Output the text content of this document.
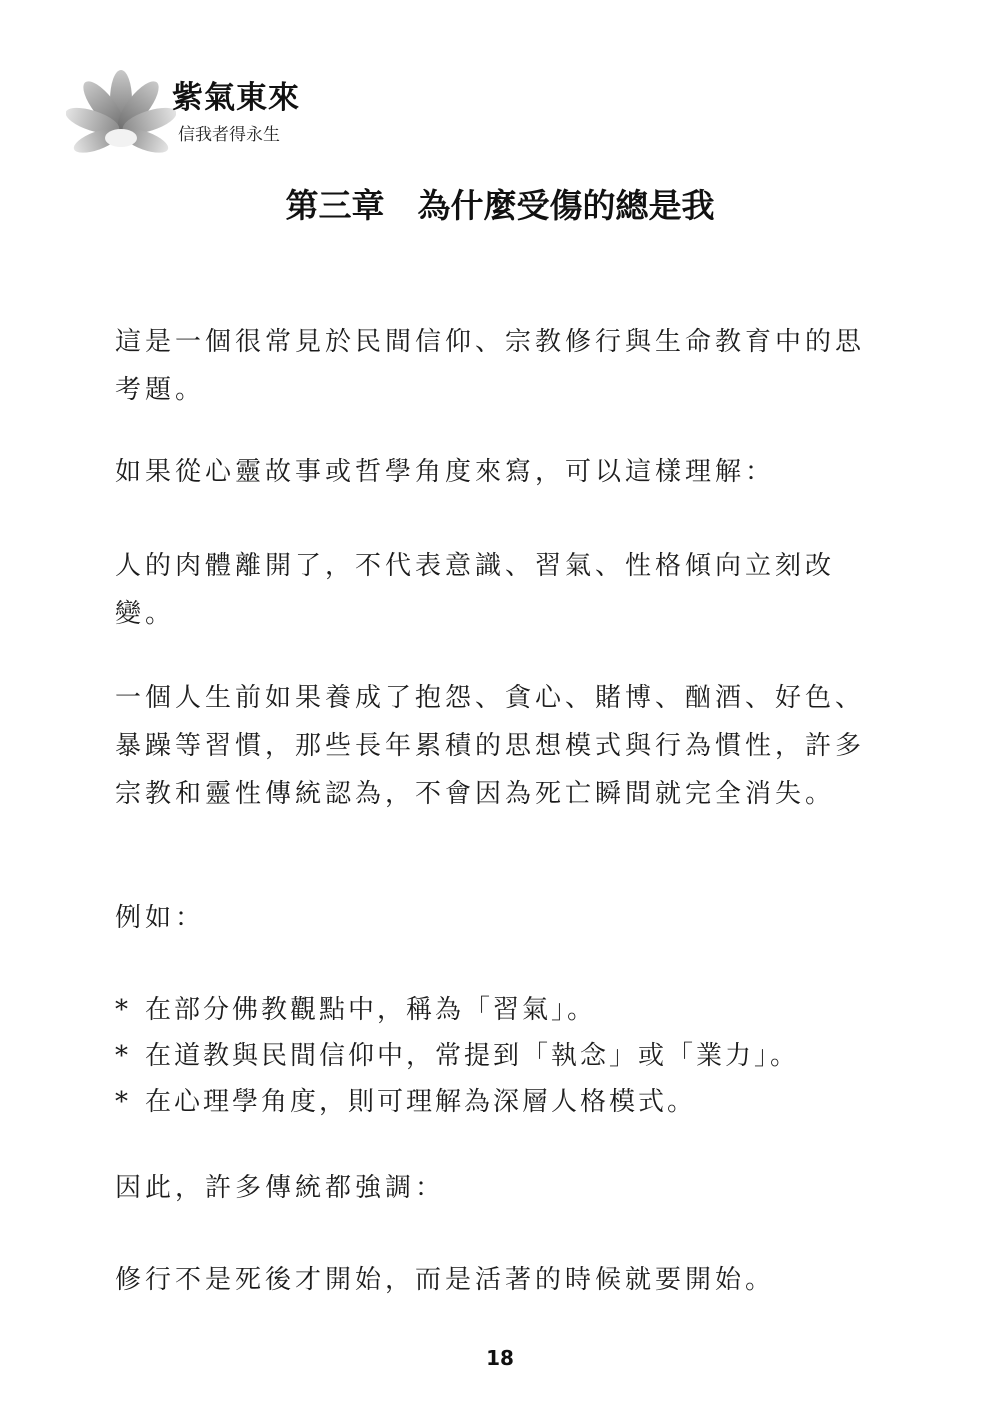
紫氣東來
信我者得永生
第三章　為什麼受傷的總是我
這是一個很常見於民間信仰、宗教修行與生命教育中的思考題。
如果從心靈故事或哲學角度來寫，可以這樣理解：
人的肉體離開了，不代表意識、習氣、性格傾向立刻改變。
一個人生前如果養成了抱怨、貪心、賭博、酗酒、好色、暴躁等習慣，那些長年累積的思想模式與行為慣性，許多宗教和靈性傳統認為，不會因為死亡瞬間就完全消失。
例如：
* 在部分佛教觀點中，稱為「習氣」。
* 在道教與民間信仰中，常提到「執念」或「業力」。
* 在心理學角度，則可理解為深層人格模式。
因此，許多傳統都強調：
修行不是死後才開始，而是活著的時候就要開始。
18
